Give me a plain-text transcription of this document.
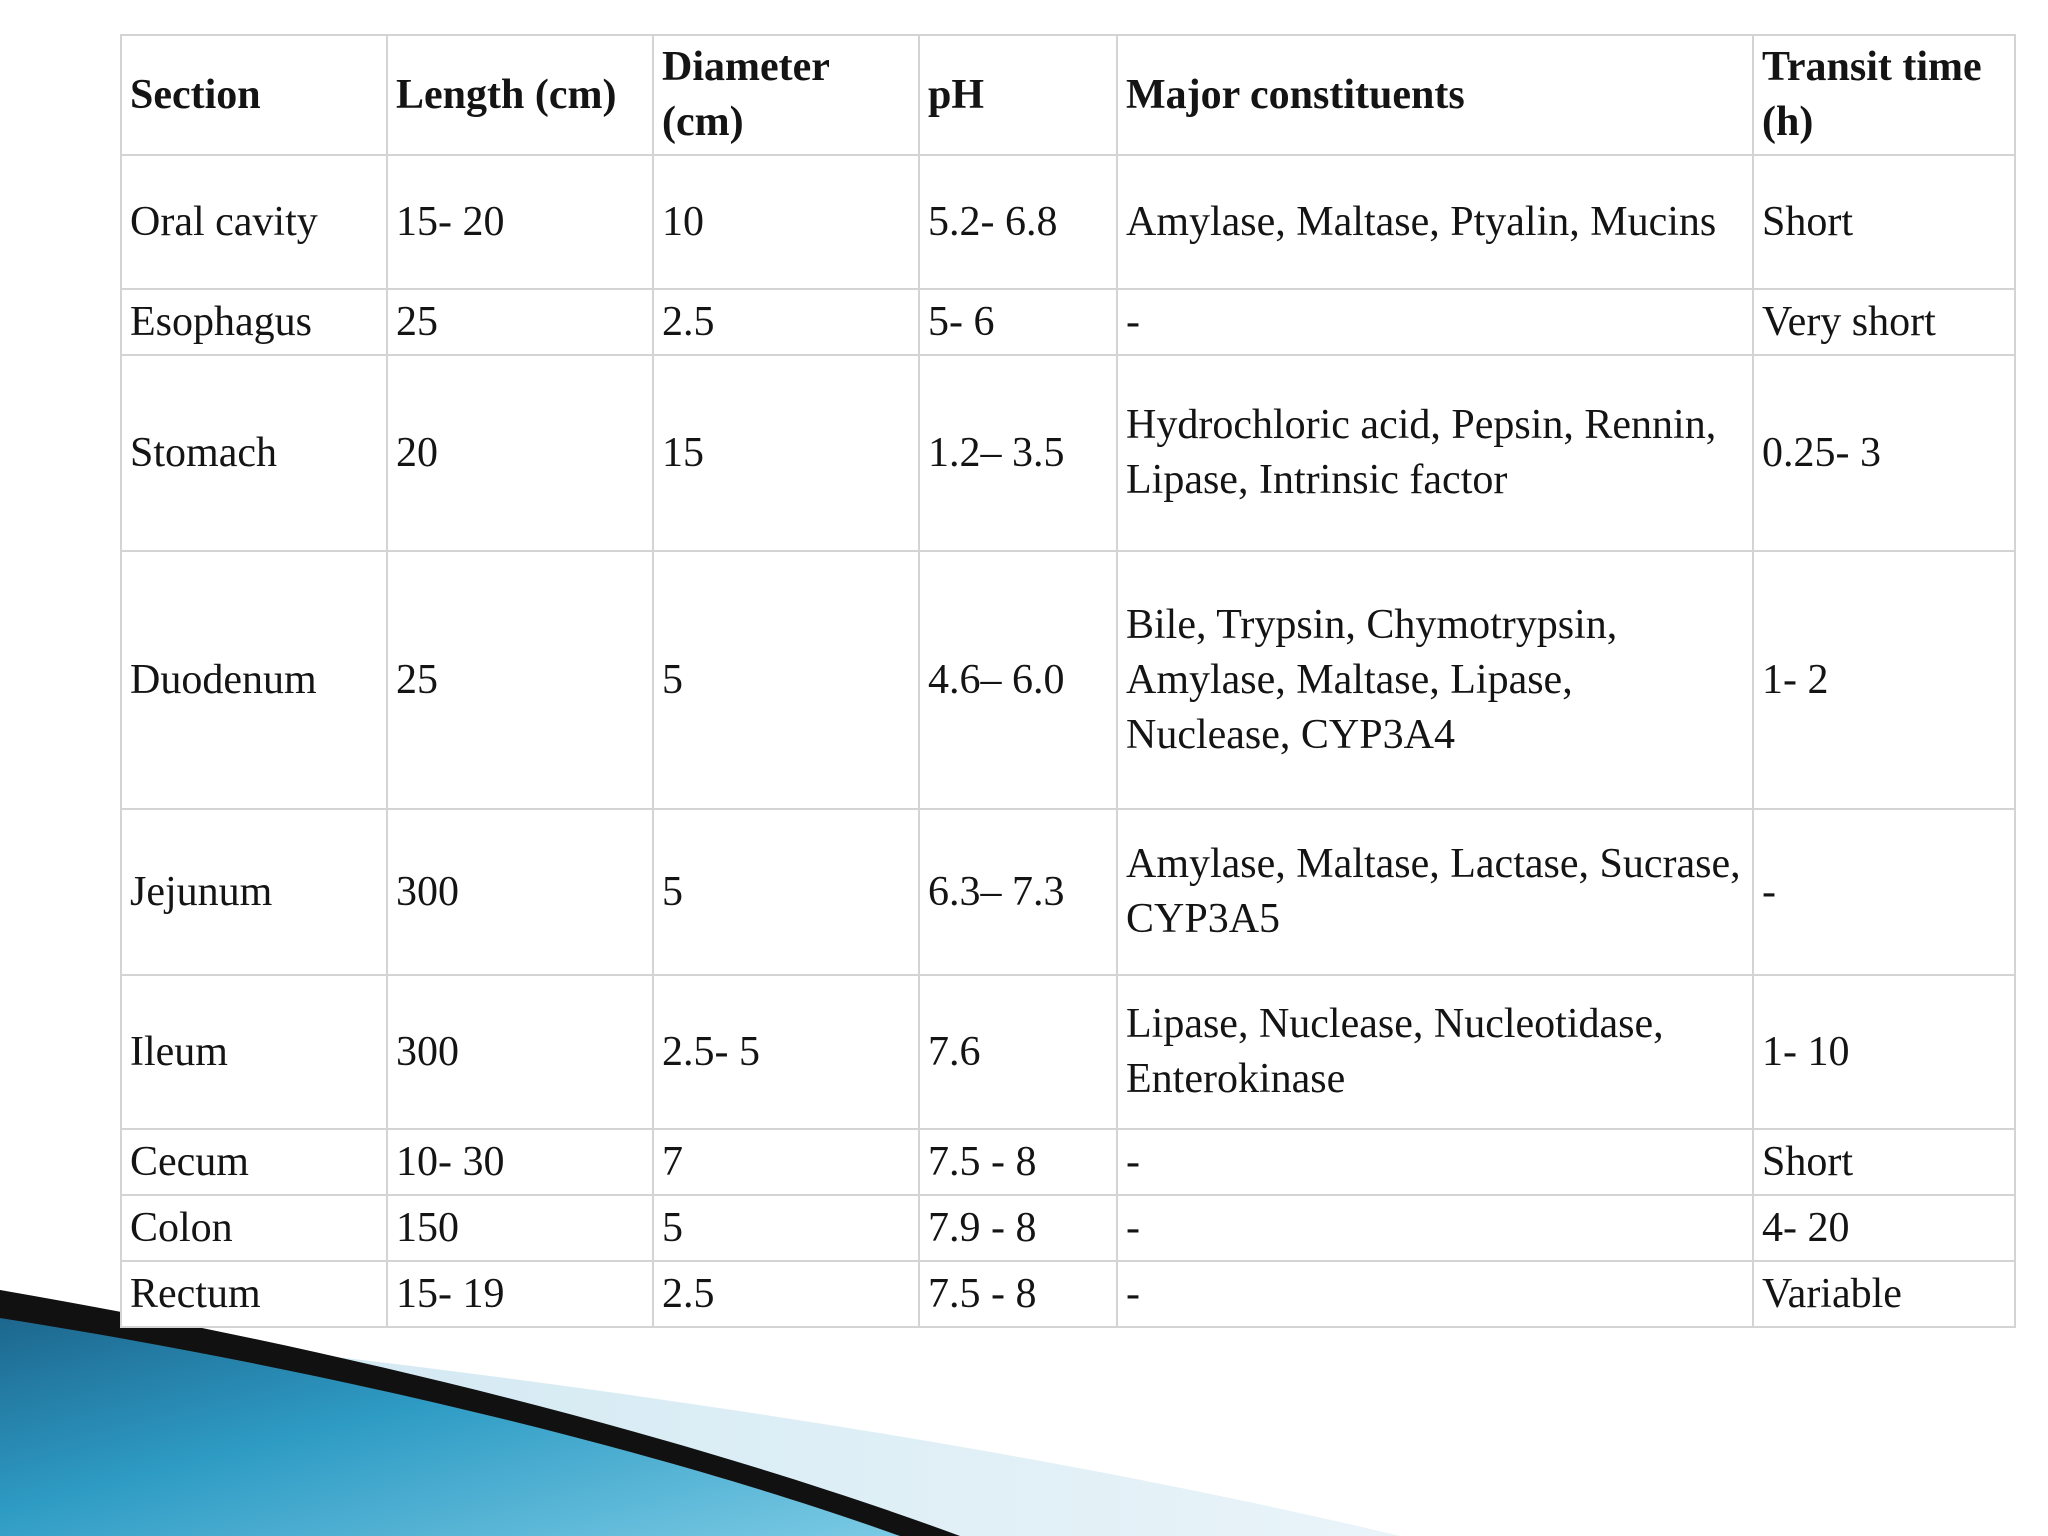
Section	Length (cm)	Diameter (cm)	pH	Major constituents	Transit time (h)
Oral cavity	15- 20	10	5.2- 6.8	Amylase, Maltase, Ptyalin, Mucins	Short
Esophagus	25	2.5	5- 6	-	Very short
Stomach	20	15	1.2– 3.5	Hydrochloric acid, Pepsin, Rennin, Lipase, Intrinsic factor	0.25- 3
Duodenum	25	5	4.6– 6.0	Bile, Trypsin, Chymotrypsin, Amylase, Maltase, Lipase, Nuclease, CYP3A4	1- 2
Jejunum	300	5	6.3– 7.3	Amylase, Maltase, Lactase, Sucrase, CYP3A5	-
Ileum	300	2.5- 5	7.6	Lipase, Nuclease, Nucleotidase, Enterokinase	1- 10
Cecum	10- 30	7	7.5 - 8	-	Short
Colon	150	5	7.9 - 8	-	4- 20
Rectum	15- 19	2.5	7.5 - 8	-	Variable
